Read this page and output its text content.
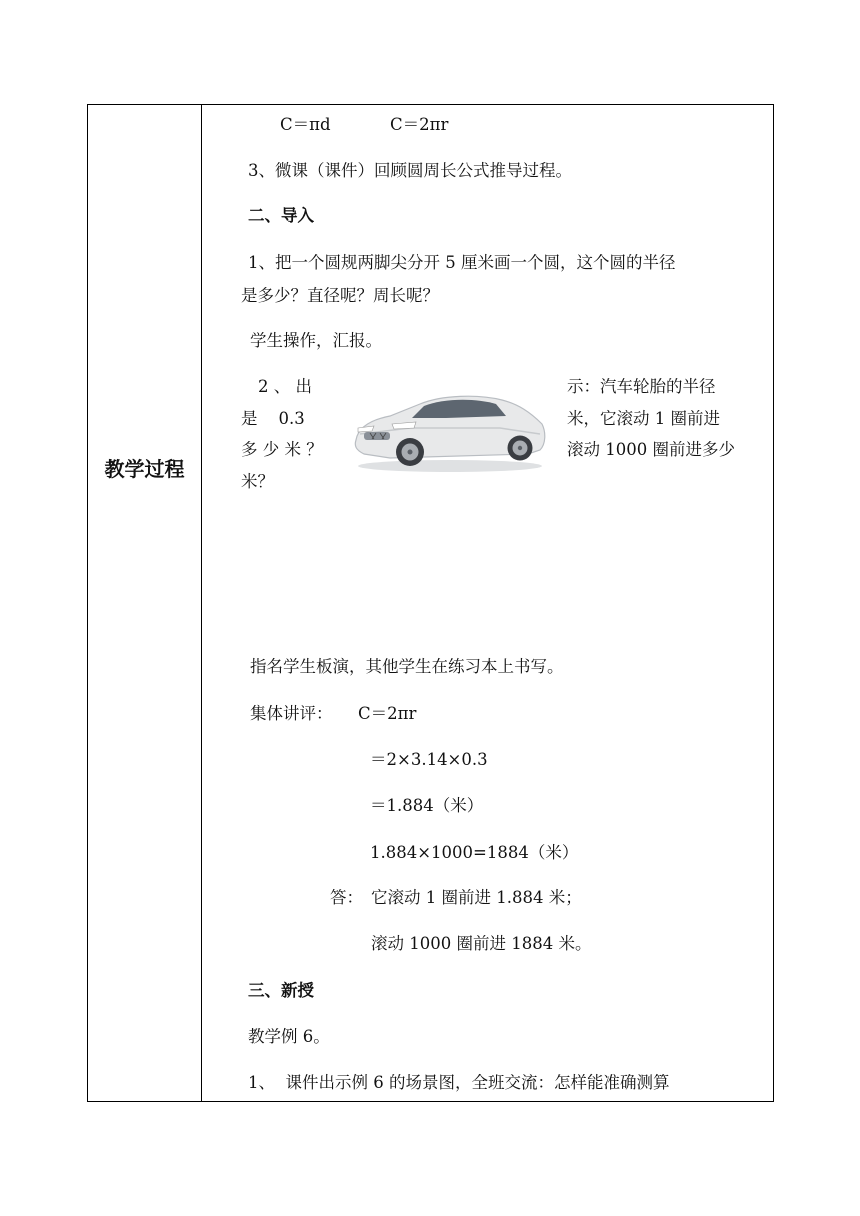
教学过程
C＝πd	C＝2πr
3、微课（课件）回顾圆周长公式推导过程。
二、导入
1、把一个圆规两脚尖分开 5 厘米画一个圆，这个圆的半径
是多少？直径呢？周长呢？
学生操作，汇报。
2 、 出	示：汽车轮胎的半径
是    0.3	米，它滚动 1 圈前进
多 少 米 ？	滚动 1000 圈前进多少
米？
指名学生板演，其他学生在练习本上书写。
集体讲评： C＝2πr
＝2×3.14×0.3
＝1.884（米）
1.884×1000=1884（米）
答： 它滚动 1 圈前进 1.884 米；
滚动 1000 圈前进 1884 米。
三、新授
教学例 6。
1、  课件出示例 6 的场景图，全班交流：怎样能准确测算
